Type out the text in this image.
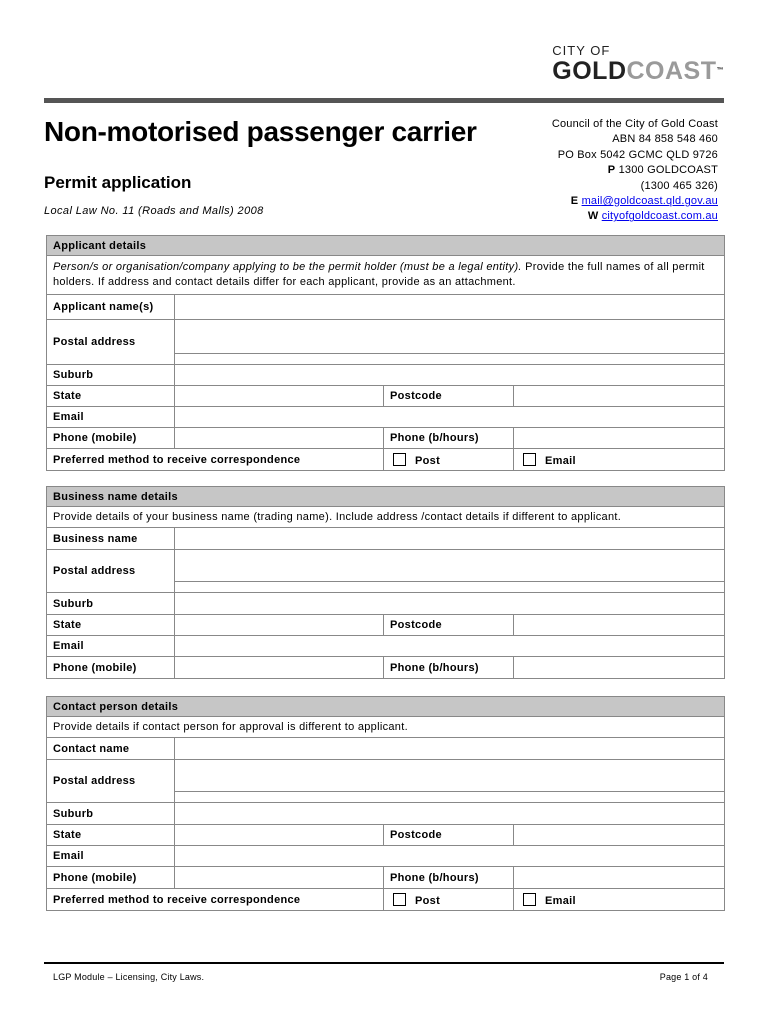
CITY OF
GOLDCOAST™
Non-motorised passenger carrier
Permit application
Local Law No. 11 (Roads and Malls) 2008
Council of the City of Gold Coast
ABN 84 858 548 460
PO Box 5042 GCMC QLD 9726
P 1300 GOLDCOAST
(1300 465 326)
E mail@goldcoast.qld.gov.au
W cityofgoldcoast.com.au
Applicant details			
Person/s or organisation/company applying to be the permit holder (must be a legal entity). Provide the full names of all permit holders. If address and contact details differ for each applicant, provide as an attachment.			
Applicant name(s)			
Postal address			

Suburb			
State		Postcode	
Email			
Phone (mobile)		Phone (b/hours)	
Preferred method to receive correspondence		Post	Email
Business name details			
Provide details of your business name (trading name). Include address /contact details if different to applicant.			
Business name			
Postal address			

Suburb			
State		Postcode	
Email			
Phone (mobile)		Phone (b/hours)	
Contact person details			
Provide details if contact person for approval is different to applicant.			
Contact name			
Postal address			

Suburb			
State		Postcode	
Email			
Phone (mobile)		Phone (b/hours)	
Preferred method to receive correspondence		Post	Email
LGP Module – Licensing, City Laws.	Page 1 of 4
